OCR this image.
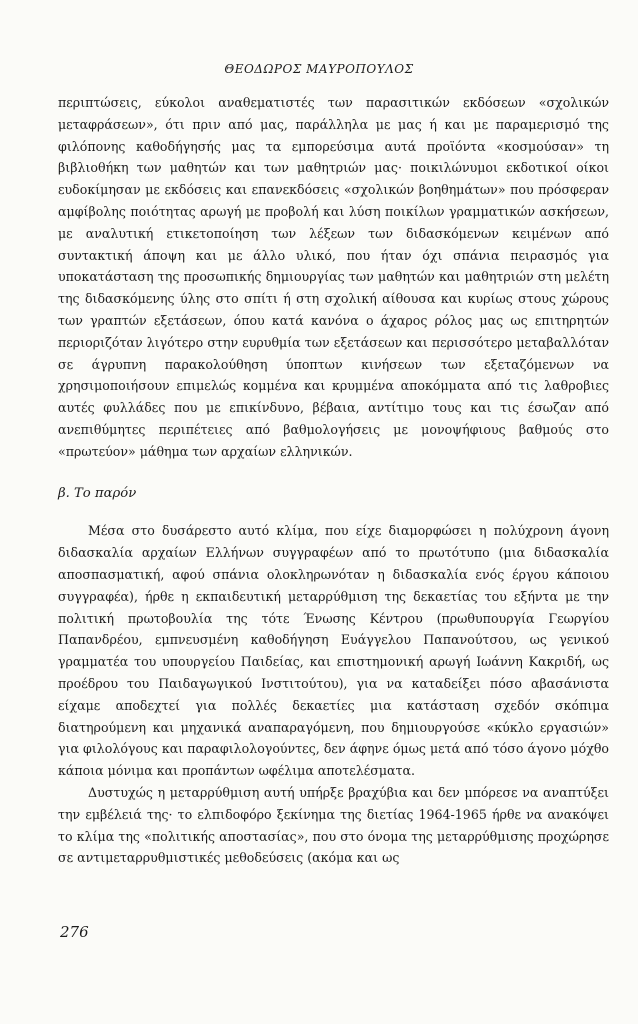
ΘΕΟΔΩΡΟΣ ΜΑΥΡΟΠΟΥΛΟΣ

περιπτώσεις, εύκολοι αναθεματιστές των παρασιτικών εκδόσεων «σχολικών μεταφράσεων», ότι πριν από μας, παράλληλα με μας ή και με παραμερισμό της φιλόπονης καθοδήγησής μας τα εμπορεύσιμα αυτά προϊόντα «κοσμούσαν» τη βιβλιοθήκη των μαθητών και των μαθητριών μας· ποικιλώνυμοι εκδοτικοί οίκοι ευδοκίμησαν με εκδόσεις και επανεκδόσεις «σχολικών βοηθημάτων» που πρόσφεραν αμφίβολης ποιότητας αρωγή με προβολή και λύση ποικίλων γραμματικών ασκήσεων, με αναλυτική ετικετοποίηση των λέξεων των διδασκόμενων κειμένων από συντακτική άποψη και με άλλο υλικό, που ήταν όχι σπάνια πειρασμός για υποκατάσταση της προσωπικής δημιουργίας των μαθητών και μαθητριών στη μελέτη της διδασκόμενης ύλης στο σπίτι ή στη σχολική αίθουσα και κυρίως στους χώρους των γραπτών εξετάσεων, όπου κατά κανόνα ο άχαρος ρόλος μας ως επιτηρητών περιοριζόταν λιγότερο στην ευρυθμία των εξετάσεων και περισσότερο μεταβαλλόταν σε άγρυπνη παρακολούθηση ύποπτων κινήσεων των εξεταζόμενων να χρησιμοποιήσουν επιμελώς κομμένα και κρυμμένα αποκόμματα από τις λαθροβιες αυτές φυλλάδες που με επικίνδυνο, βέβαια, αντίτιμο τους και τις έσωζαν από ανεπιθύμητες περιπέτειες από βαθμολογήσεις με μονοψήφιους βαθμούς στο «πρωτεύον» μάθημα των αρχαίων ελληνικών.

β. Το παρόν

Μέσα στο δυσάρεστο αυτό κλίμα, που είχε διαμορφώσει η πολύχρονη άγονη διδασκαλία αρχαίων Ελλήνων συγγραφέων από το πρωτότυπο (μια διδασκαλία αποσπασματική, αφού σπάνια ολοκληρωνόταν η διδασκαλία ενός έργου κάποιου συγγραφέα), ήρθε η εκπαιδευτική μεταρρύθμιση της δεκαετίας του εξήντα με την πολιτική πρωτοβουλία της τότε Ένωσης Κέντρου (πρωθυπουργία Γεωργίου Παπανδρέου, εμπνευσμένη καθοδήγηση Ευάγγελου Παπανούτσου, ως γενικού γραμματέα του υπουργείου Παιδείας, και επιστημονική αρωγή Ιωάννη Κακριδή, ως προέδρου του Παιδαγωγικού Ινστιτούτου), για να καταδείξει πόσο αβασάνιστα είχαμε αποδεχτεί για πολλές δεκαετίες μια κατάσταση σχεδόν σκόπιμα διατηρούμενη και μηχανικά αναπαραγόμενη, που δημιουργούσε «κύκλο εργασιών» για φιλολόγους και παραφιλολογούντες, δεν άφηνε όμως μετά από τόσο άγονο μόχθο κάποια μόνιμα και προπάντων ωφέλιμα αποτελέσματα.

Δυστυχώς η μεταρρύθμιση αυτή υπήρξε βραχύβια και δεν μπόρεσε να αναπτύξει την εμβέλειά της· το ελπιδοφόρο ξεκίνημα της διετίας 1964-1965 ήρθε να ανακόψει το κλίμα της «πολιτικής αποστασίας», που στο όνομα της μεταρρύθμισης προχώρησε σε αντιμεταρρυθμιστικές μεθοδεύσεις (ακόμα και ως

276
